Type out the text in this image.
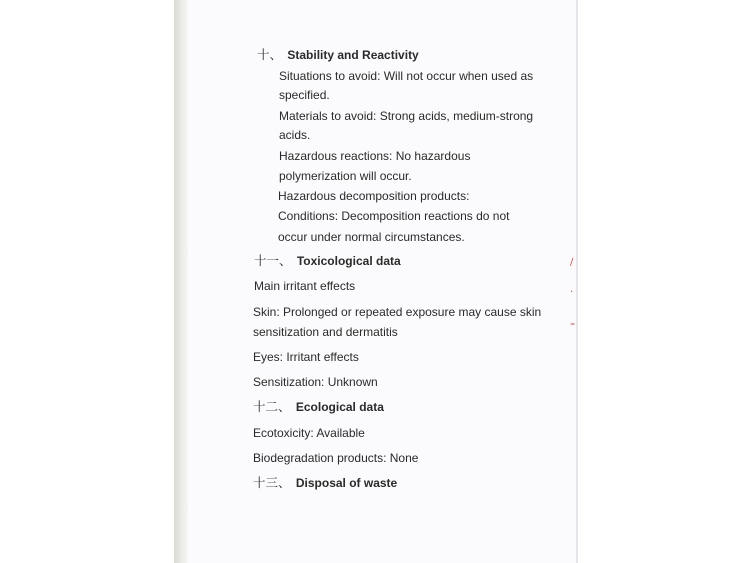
∕
·
⁼
十、 Stability and Reactivity
Situations to avoid: Will not occur when used as
specified.
Materials to avoid: Strong acids, medium-strong
acids.
Hazardous reactions: No hazardous
polymerization will occur.
Hazardous decomposition products:
Conditions: Decomposition reactions do not
occur under normal circumstances.
十一、 Toxicological data
Main irritant effects
Skin: Prolonged or repeated exposure may cause skin
sensitization and dermatitis
Eyes: Irritant effects
Sensitization: Unknown
十二、 Ecological data
Ecotoxicity: Available
Biodegradation products: None
十三、 Disposal of waste
